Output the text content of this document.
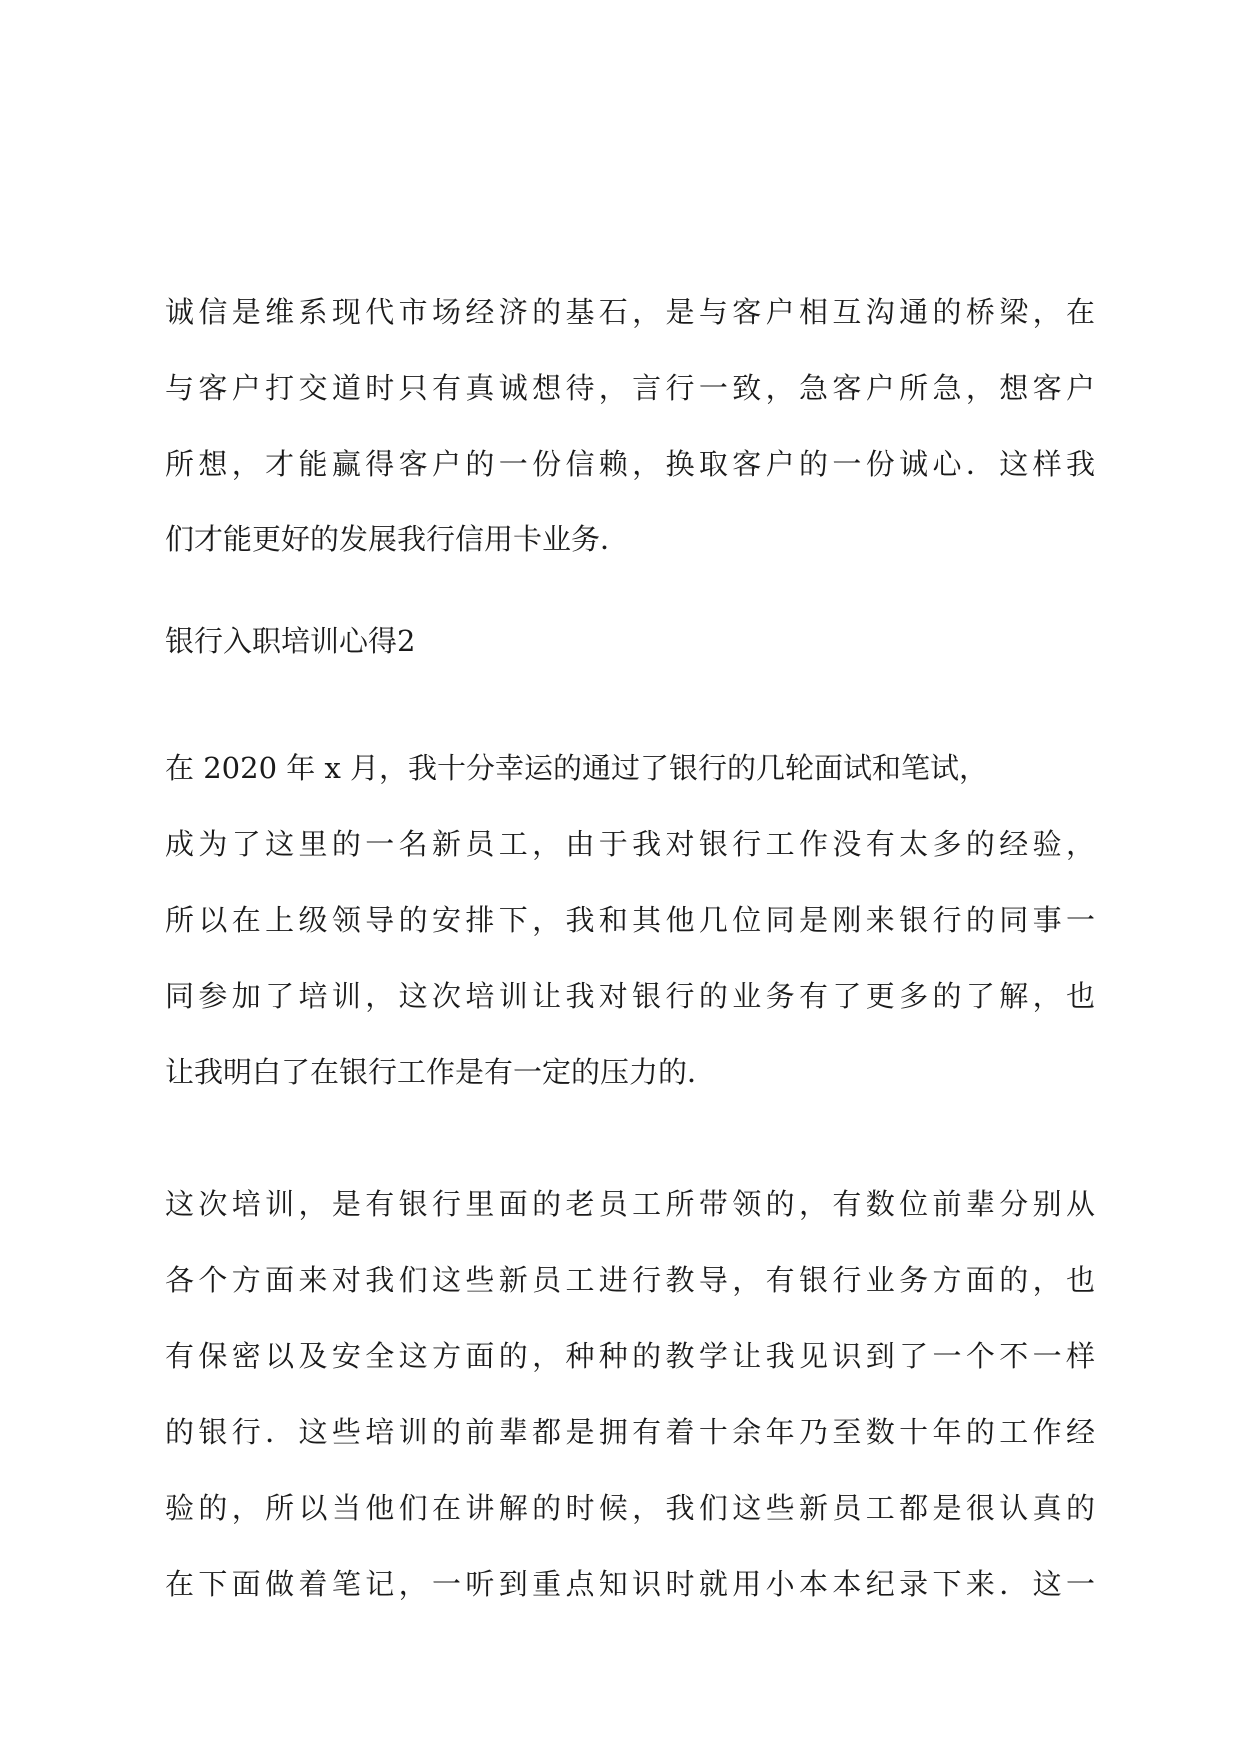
诚信是维系现代市场经济的基石，是与客户相互沟通的桥梁，在

与客户打交道时只有真诚想待，言行一致，急客户所急，想客户

所想，才能赢得客户的一份信赖，换取客户的一份诚心．这样我

们才能更好的发展我行信用卡业务．

银行入职培训心得2

在 2020 年 x 月，我十分幸运的通过了银行的几轮面试和笔试，

成为了这里的一名新员工，由于我对银行工作没有太多的经验，

所以在上级领导的安排下，我和其他几位同是刚来银行的同事一

同参加了培训，这次培训让我对银行的业务有了更多的了解，也

让我明白了在银行工作是有一定的压力的．

这次培训，是有银行里面的老员工所带领的，有数位前辈分别从

各个方面来对我们这些新员工进行教导，有银行业务方面的，也

有保密以及安全这方面的，种种的教学让我见识到了一个不一样

的银行．这些培训的前辈都是拥有着十余年乃至数十年的工作经

验的，所以当他们在讲解的时候，我们这些新员工都是很认真的

在下面做着笔记，一听到重点知识时就用小本本纪录下来．这一
